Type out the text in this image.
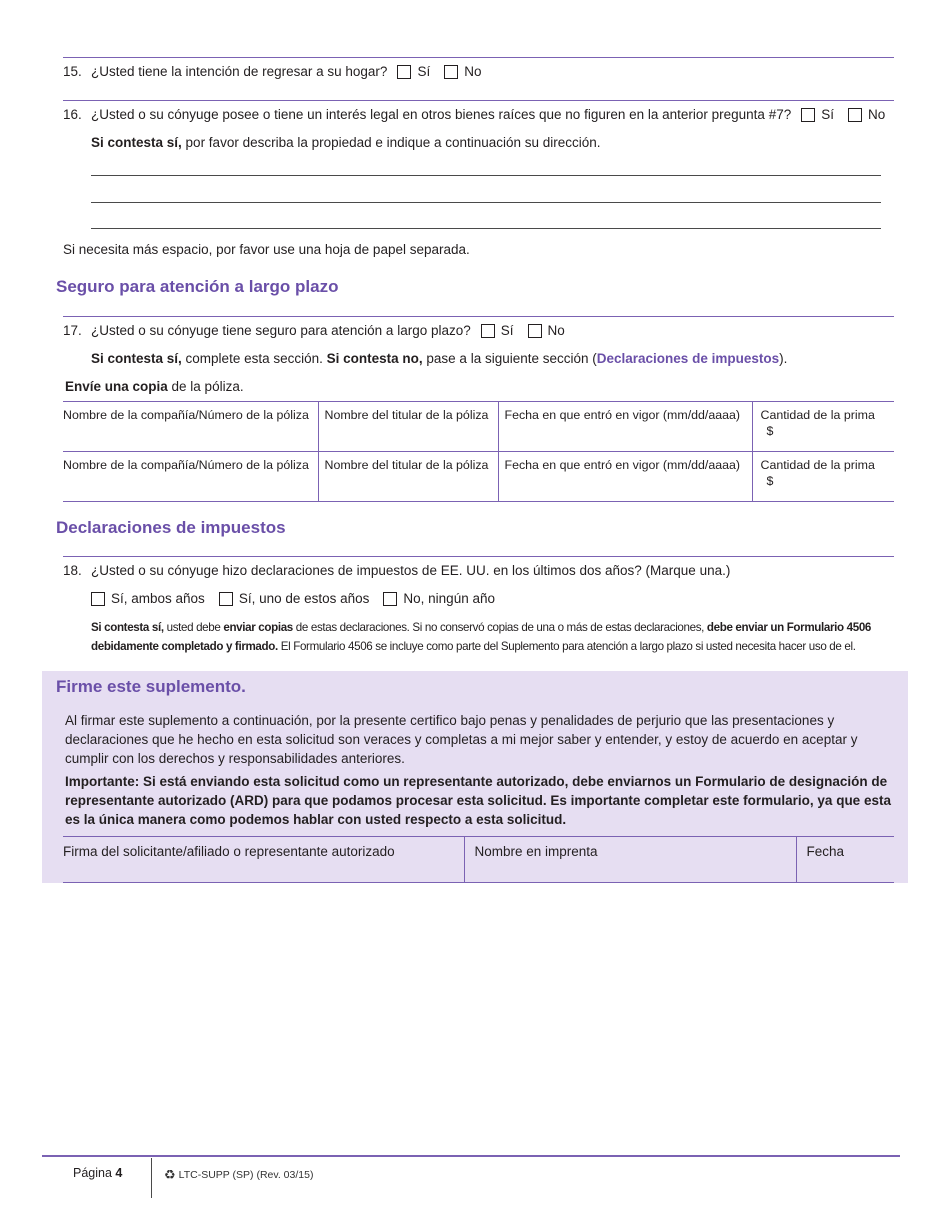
15. ¿Usted tiene la intención de regresar a su hogar? Sí	No
16. ¿Usted o su cónyuge posee o tiene un interés legal en otros bienes raíces que no figuren en la anterior pregunta #7? Sí	No
Si contesta sí, por favor describa la propiedad e indique a continuación su dirección.
Si necesita más espacio, por favor use una hoja de papel separada.
Seguro para atención a largo plazo
17. ¿Usted o su cónyuge tiene seguro para atención a largo plazo? Sí	No
Si contesta sí, complete esta sección. Si contesta no, pase a la siguiente sección ( Declaraciones de impuestos ).
Envíe una copia de la póliza.
Nombre de la compañía/Número de la póliza	Nombre del titular de la póliza	Fecha en que entró en vigor (mm/dd/aaaa)	Cantidad de la prima
$

Nombre de la compañía/Número de la póliza	Nombre del titular de la póliza	Fecha en que entró en vigor (mm/dd/aaaa)	Cantidad de la prima
$
Declaraciones de impuestos
18. ¿Usted o su cónyuge hizo declaraciones de impuestos de EE. UU. en los últimos dos años? (Marque una.)
Sí, ambos años	Sí, uno de estos años	No, ningún año
Si contesta sí, usted debe enviar copias de estas declaraciones. Si no conservó copias de una o más de estas declaraciones, debe enviar un Formulario 4506
debidamente completado y firmado. El Formulario 4506 se incluye como parte del Suplemento para atención a largo plazo si usted necesita hacer uso de el.
Firme este suplemento.
Al firmar este suplemento a continuación, por la presente certifico bajo penas y penalidades de perjurio que las presentaciones y declaraciones que he hecho en esta solicitud son veraces y completas a mi mejor saber y entender, y estoy de acuerdo en aceptar y cumplir con los derechos y responsabilidades anteriores.
Importante: Si está enviando esta solicitud como un representante autorizado, debe enviarnos un Formulario de designación de representante autorizado (ARD) para que podamos procesar esta solicitud. Es importante completar este formulario, ya que esta es la única manera como podemos hablar con usted respecto a esta solicitud.
Firma del solicitante/afiliado o representante autorizado	Nombre en imprenta	Fecha
Página 4	♻ LTC-SUPP (SP) (Rev. 03/15)
